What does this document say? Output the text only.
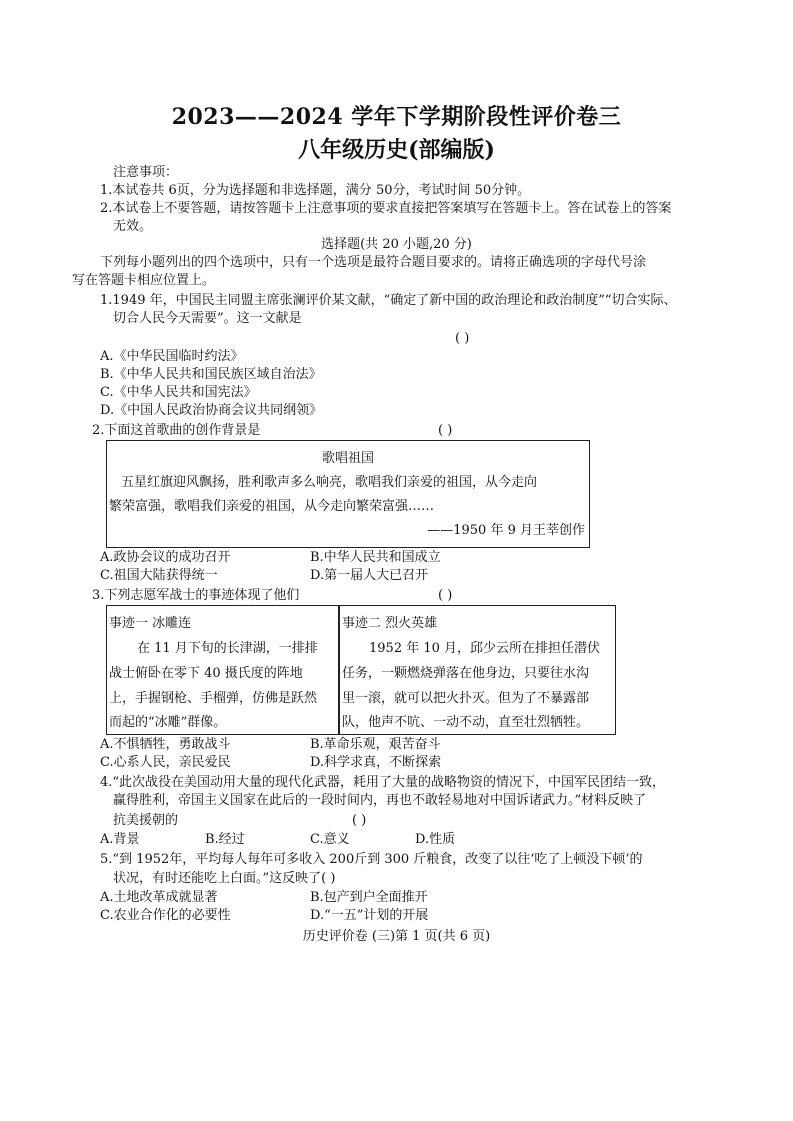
2023——2024 学年下学期阶段性评价卷三
八年级历史(部编版)
注意事项：
1.本试卷共 6页，分为选择题和非选择题，满分 50分，考试时间 50分钟。
2.本试卷上不要答题，请按答题卡上注意事项的要求直接把答案填写在答题卡上。答在试卷上的答案
无效。
选择题(共 20 小题,20 分)
下列每小题列出的四个选项中，只有一个选项是最符合题目要求的。请将正确选项的字母代号涂
写在答题卡相应位置上。
1.1949 年，中国民主同盟主席张澜评价某文献，“确定了新中国的政治理论和政治制度”“切合实际、
切合人民今天需要”。这一文献是
( )
A.《中华民国临时约法》
B.《中华人民共和国民族区域自治法》
C.《中华人民共和国宪法》
D.《中国人民政治协商会议共同纲领》
2.下面这首歌曲的创作背景是	( )
歌唱祖国
五星红旗迎风飘扬，胜利歌声多么响亮，歌唱我们亲爱的祖国，从今走向
繁荣富强，歌唱我们亲爱的祖国，从今走向繁荣富强……
——1950 年 9 月王莘创作
A.政协会议的成功召开	B.中华人民共和国成立
C.祖国大陆获得统一	D.第一届人大已召开
3.下列志愿军战士的事迹体现了他们	( )
事迹一 冰雕连
在 11 月下旬的长津湖，一排排
战士俯卧在零下 40 摄氏度的阵地
上，手握钢枪、手榴弹，仿佛是跃然
而起的“冰雕”群像。
事迹二 烈火英雄
1952 年 10 月，邱少云所在排担任潜伏
任务，一颗燃烧弹落在他身边，只要往水沟
里一滚，就可以把火扑灭。但为了不暴露部
队，他声不吭、一动不动，直至壮烈牺牲。
A.不惧牺牲，勇敢战斗	B.革命乐观，艰苦奋斗
C.心系人民，亲民爱民	D.科学求真，不断探索
4.“此次战役在美国动用大量的现代化武器，耗用了大量的战略物资的情况下，中国军民团结一致，
赢得胜利，帝国主义国家在此后的一段时间内，再也不敢轻易地对中国诉诸武力。”材料反映了
抗美援朝的	( )
A.背景	B.经过	C.意义	D.性质
5.“到 1952年，平均每人每年可多收入 200斤到 300 斤粮食，改变了以往‘吃了上顿没下顿’的
状况，有时还能吃上白面。”这反映了( )
A.土地改革成就显著	B.包产到户全面推开
C.农业合作化的必要性	D.“一五”计划的开展
历史评价卷 (三)第 1 页(共 6 页)
